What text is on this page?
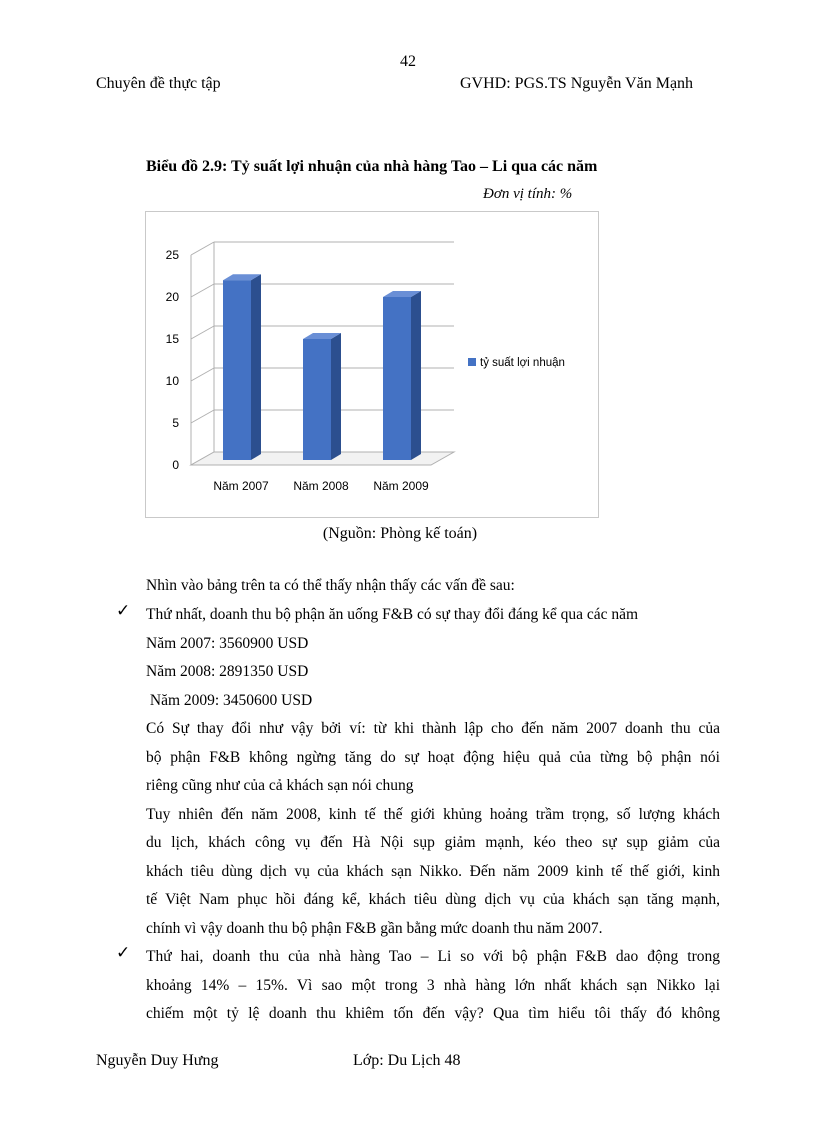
42
Chuyên đề thực tập	GVHD: PGS.TS Nguyễn Văn Mạnh
Biểu đồ 2.9: Tỷ suất lợi nhuận của nhà hàng Tao – Li qua các năm
Đơn vị tính: %
0
5
10
15
20
25
Năm 2007 Năm 2008 Năm 2009
tỷ suất lợi nhuận
(Nguồn: Phòng kế toán)
Nhìn vào bảng trên ta có thể thấy nhận thấy các vấn đề sau:
✓ Thứ nhất, doanh thu bộ phận ăn uống F&B có sự thay đổi đáng kể qua các năm
Năm 2007: 3560900 USD
Năm 2008: 2891350 USD
Năm 2009: 3450600 USD
Có Sự thay đổi như vậy bởi ví: từ khi thành lập cho đến năm 2007 doanh thu của
bộ phận F&B không ngừng tăng do sự hoạt động hiệu quả của từng bộ phận nói
riêng cũng như của cả khách sạn nói chung
Tuy nhiên đến năm 2008, kinh tế thế giới khủng hoảng trầm trọng, số lượng khách
du lịch, khách công vụ đến Hà Nội sụp giảm mạnh, kéo theo sự sụp giảm của
khách tiêu dùng dịch vụ của khách sạn Nikko. Đến năm 2009 kinh tế thế giới, kinh
tế Việt Nam phục hồi đáng kể, khách tiêu dùng dịch vụ của khách sạn tăng mạnh,
chính vì vậy doanh thu bộ phận F&B gần bằng mức doanh thu năm 2007.
✓ Thứ hai, doanh thu của nhà hàng Tao – Li so với bộ phận F&B dao động trong
khoảng 14% – 15%. Vì sao một trong 3 nhà hàng lớn nhất khách sạn Nikko lại
chiếm một tỷ lệ doanh thu khiêm tốn đến vậy? Qua tìm hiểu tôi thấy đó không
Nguyễn Duy Hưng	Lớp: Du Lịch 48
